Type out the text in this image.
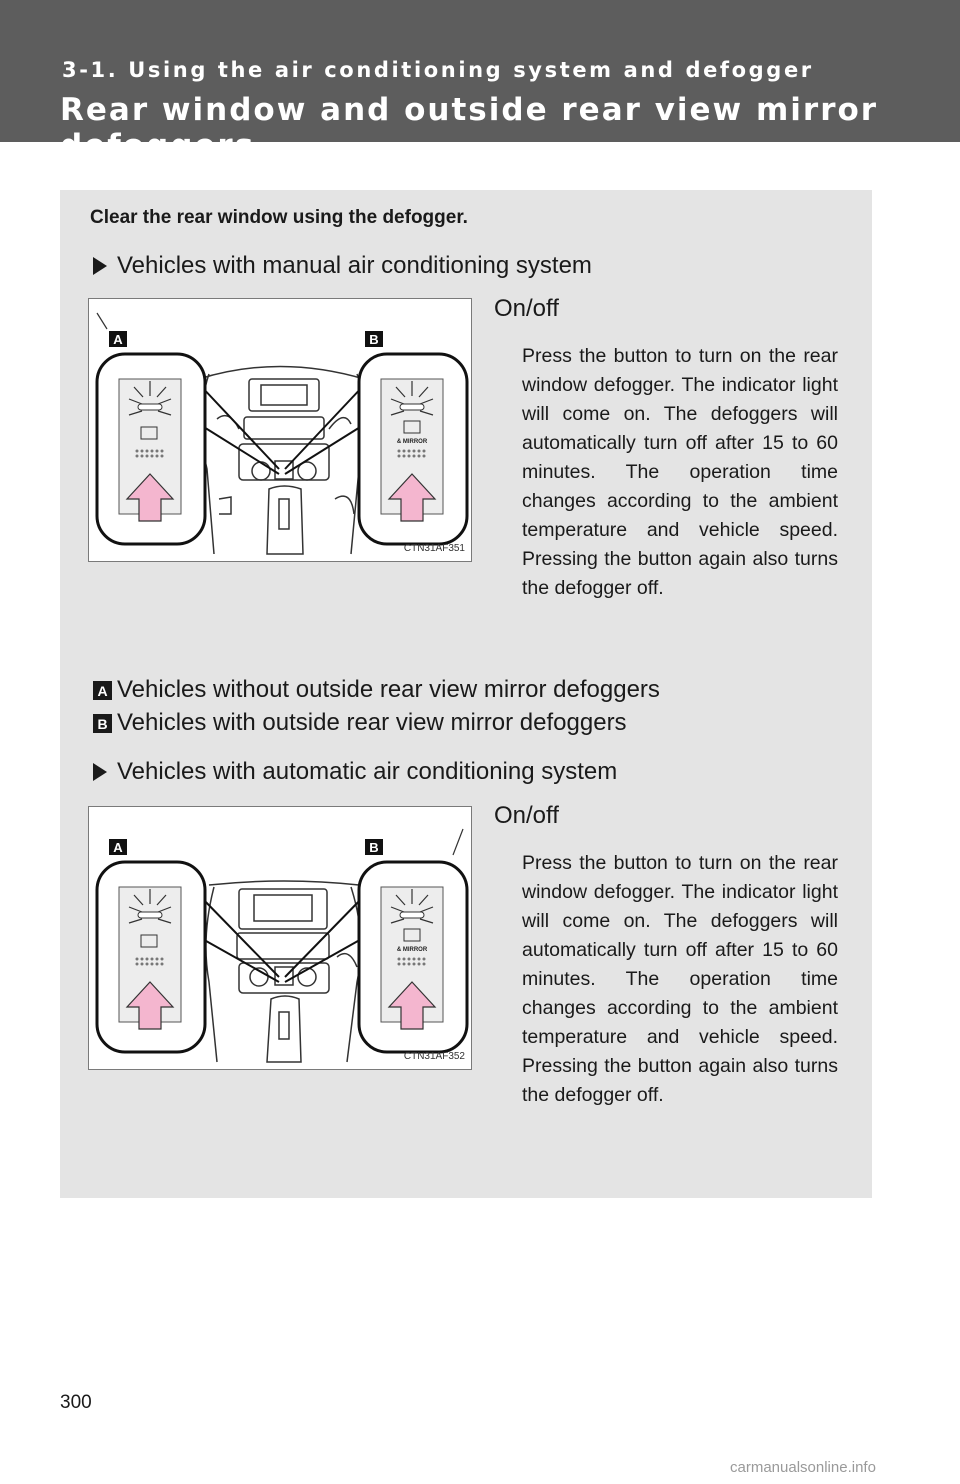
3-1. Using the air conditioning system and defogger
Rear window and outside rear view mirror defoggers
Clear the rear window using the defogger.
Vehicles with manual air conditioning system
& MIRROR
A	B
CTN31AF351
On/off
Press the button to turn on the rear window defogger. The indicator light will come on. The defoggers will automatically turn off after 15 to 60 minutes. The operation time changes according to the ambient temperature and vehicle speed. Pressing the button again also turns the defogger off.
A Vehicles without outside rear view mirror defoggers
B Vehicles with outside rear view mirror defoggers
Vehicles with automatic air conditioning system
& MIRROR
A	B
CTN31AF352
On/off
Press the button to turn on the rear window defogger. The indicator light will come on. The defoggers will automatically turn off after 15 to 60 minutes. The operation time changes according to the ambient temperature and vehicle speed. Pressing the button again also turns the defogger off.
300
carmanualsonline.info
